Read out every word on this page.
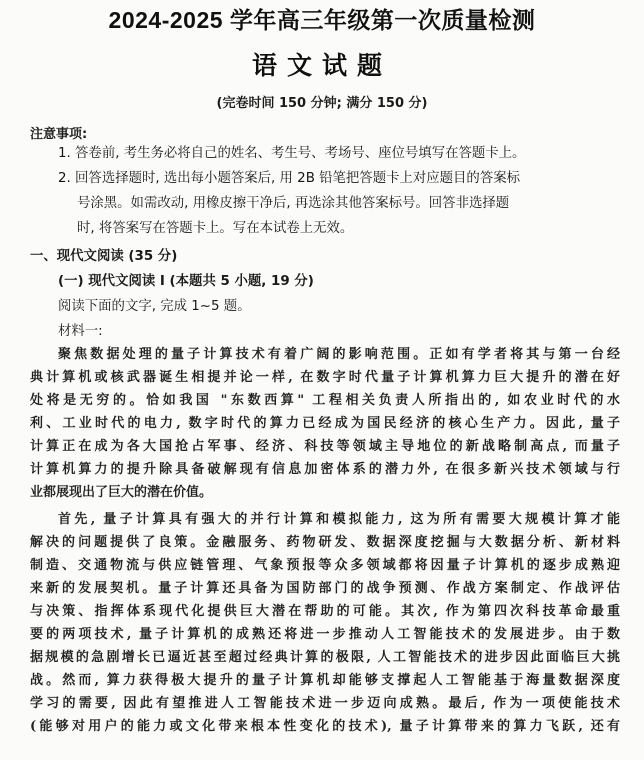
2024-2025 学年高三年级第一次质量检测
语文试题
(完卷时间 150 分钟; 满分 150 分)
注意事项:
1. 答卷前, 考生务必将自己的姓名、考生号、考场号、座位号填写在答题卡上。
2. 回答选择题时, 选出每小题答案后, 用 2B 铅笔把答题卡上对应题目的答案标
号涂黑。如需改动, 用橡皮擦干净后, 再选涂其他答案标号。回答非选择题
时, 将答案写在答题卡上。写在本试卷上无效。
一、现代文阅读 (35 分)
(一) 现代文阅读 I (本题共 5 小题, 19 分)
阅读下面的文字, 完成 1~5 题。
材料一:
聚焦数据处理的量子计算技术有着广阔的影响范围。正如有学者将其与第一台经
典计算机或核武器诞生相提并论一样, 在数字时代量子计算机算力巨大提升的潜在好
处将是无穷的。恰如我国 "东数西算" 工程相关负责人所指出的, 如农业时代的水
利、工业时代的电力, 数字时代的算力已经成为国民经济的核心生产力。因此, 量子
计算正在成为各大国抢占军事、经济、科技等领域主导地位的新战略制高点, 而量子
计算机算力的提升除具备破解现有信息加密体系的潜力外, 在很多新兴技术领域与行
业都展现出了巨大的潜在价值。
首先, 量子计算具有强大的并行计算和模拟能力, 这为所有需要大规模计算才能
解决的问题提供了良策。金融服务、药物研发、数据深度挖掘与大数据分析、新材料
制造、交通物流与供应链管理、气象预报等众多领域都将因量子计算机的逐步成熟迎
来新的发展契机。量子计算还具备为国防部门的战争预测、作战方案制定、作战评估
与决策、指挥体系现代化提供巨大潜在帮助的可能。其次, 作为第四次科技革命最重
要的两项技术, 量子计算机的成熟还将进一步推动人工智能技术的发展进步。由于数
据规模的急剧增长已逼近甚至超过经典计算的极限, 人工智能技术的进步因此面临巨大挑
战。然而, 算力获得极大提升的量子计算机却能够支撑起人工智能基于海量数据深度
学习的需要, 因此有望推进人工智能技术进一步迈向成熟。最后, 作为一项使能技术
(能够对用户的能力或文化带来根本性变化的技术), 量子计算带来的算力飞跃, 还有
